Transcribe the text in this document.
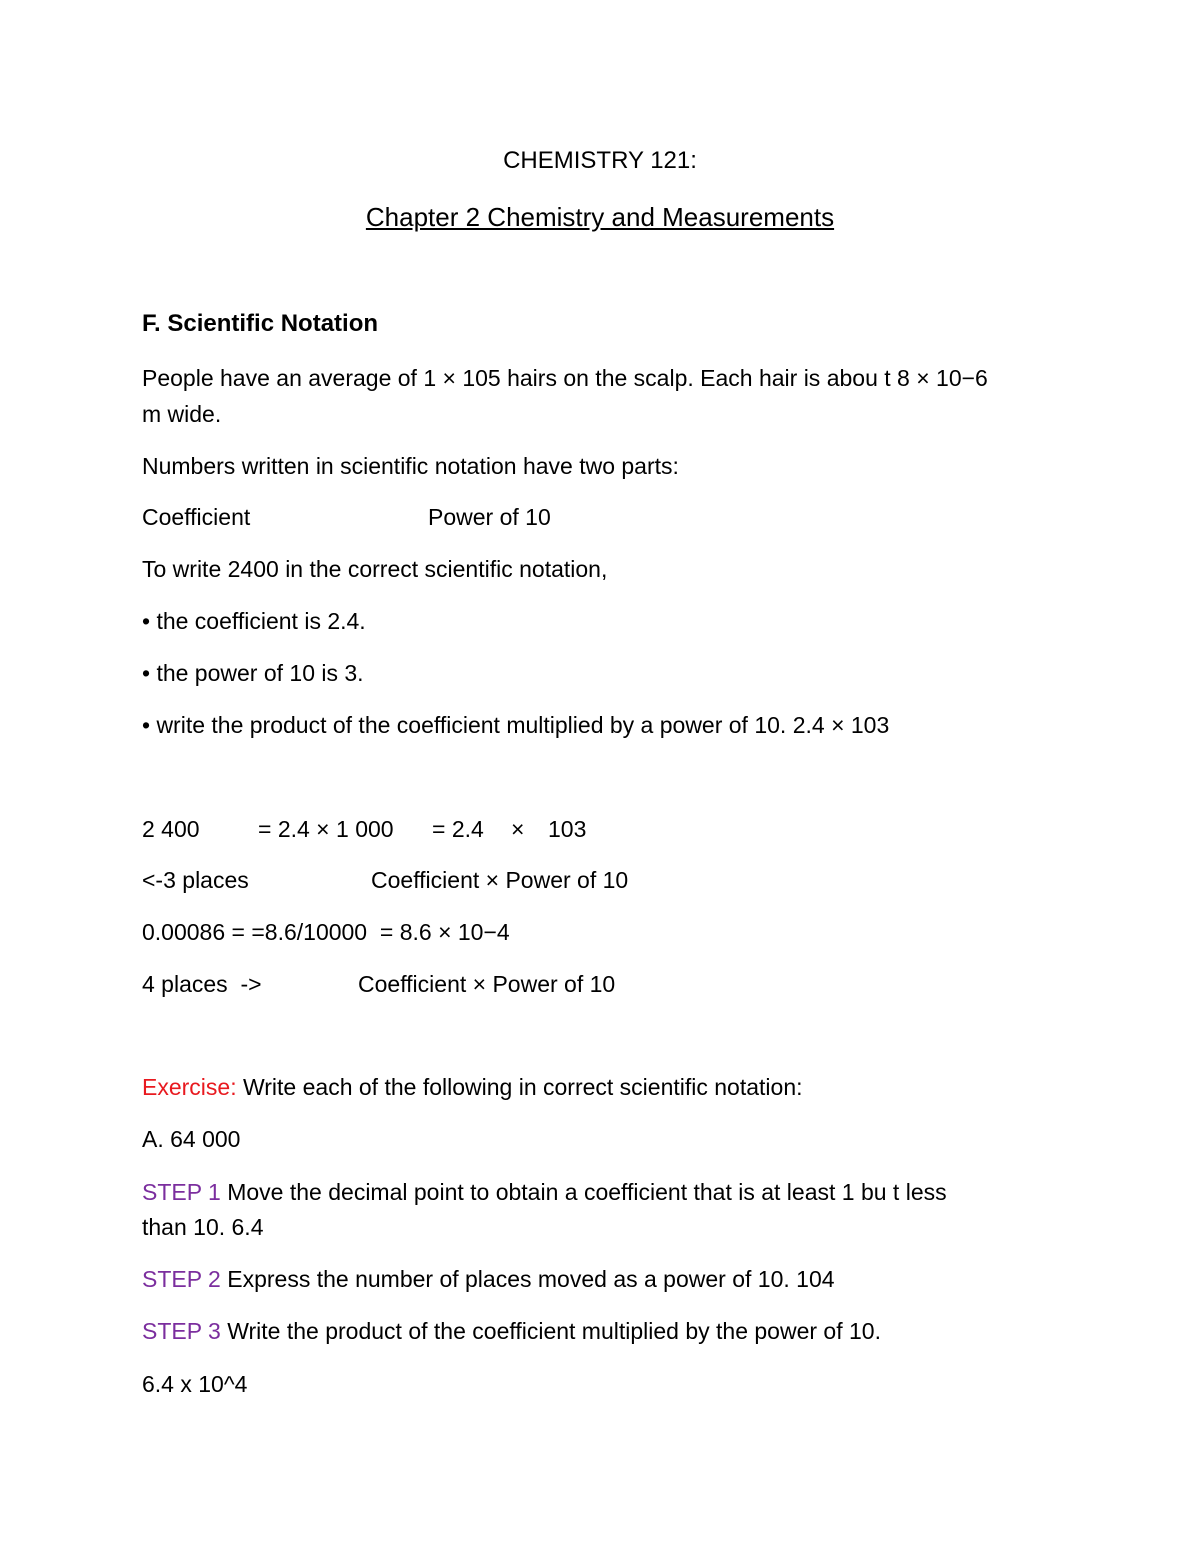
CHEMISTRY 121:
Chapter 2 Chemistry and Measurements
F. Scientific Notation
People have an average of 1 × 105 hairs on the scalp. Each hair is abou t 8 × 10−6
m wide.
Numbers written in scientific notation have two parts:
Coefficient	Power of 10
To write 2400 in the correct scientific notation,
• the coefficient is 2.4.
• the power of 10 is 3.
• write the product of the coefficient multiplied by a power of 10. 2.4 × 103
2 400	= 2.4 × 1 000 = 2.4 × 103
<-3 places	Coefficient × Power of 10
0.00086 = =8.6/10000  = 8.6 × 10−4
4 places  ->	Coefficient × Power of 10
Exercise: Write each of the following in correct scientific notation:
A. 64 000
STEP 1 Move the decimal point to obtain a coefficient that is at least 1 bu t less
than 10. 6.4
STEP 2 Express the number of places moved as a power of 10. 104
STEP 3 Write the product of the coefficient multiplied by the power of 10.
6.4 x 10^4
